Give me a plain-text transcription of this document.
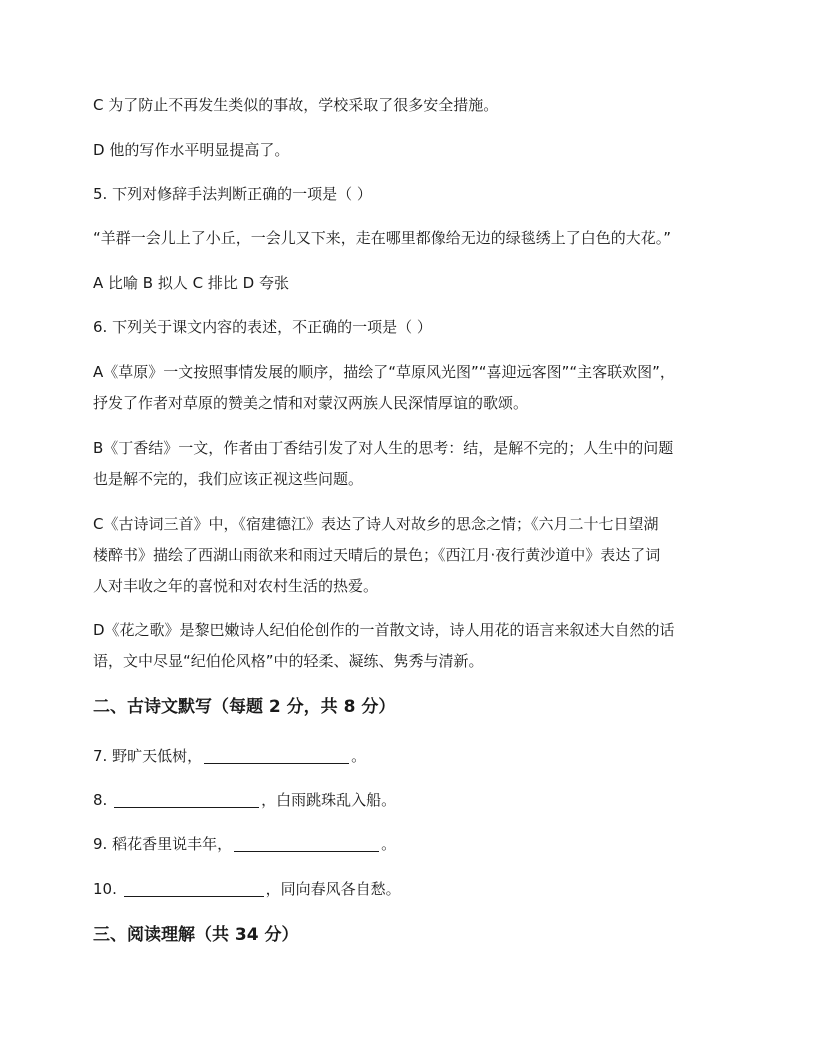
C 为了防止不再发生类似的事故，学校采取了很多安全措施。
D 他的写作水平明显提高了。
5. 下列对修辞手法判断正确的一项是（ ）
“羊群一会儿上了小丘，一会儿又下来，走在哪里都像给无边的绿毯绣上了白色的大花。”
A 比喻 B 拟人 C 排比 D 夸张
6. 下列关于课文内容的表述，不正确的一项是（ ）
A《草原》一文按照事情发展的顺序，描绘了“草原风光图”“喜迎远客图”“主客联欢图”，
抒发了作者对草原的赞美之情和对蒙汉两族人民深情厚谊的歌颂。
B《丁香结》一文，作者由丁香结引发了对人生的思考：结，是解不完的；人生中的问题
也是解不完的，我们应该正视这些问题。
C《古诗词三首》中，《宿建德江》表达了诗人对故乡的思念之情；《六月二十七日望湖
楼醉书》描绘了西湖山雨欲来和雨过天晴后的景色；《西江月·夜行黄沙道中》表达了词
人对丰收之年的喜悦和对农村生活的热爱。
D《花之歌》是黎巴嫩诗人纪伯伦创作的一首散文诗，诗人用花的语言来叙述大自然的话
语，文中尽显“纪伯伦风格”中的轻柔、凝练、隽秀与清新。
二、古诗文默写（每题 2 分，共 8 分）
7. 野旷天低树，	。
8.	，白雨跳珠乱入船。
9. 稻花香里说丰年，	。
10.	，同向春风各自愁。
三、阅读理解（共 34 分）
